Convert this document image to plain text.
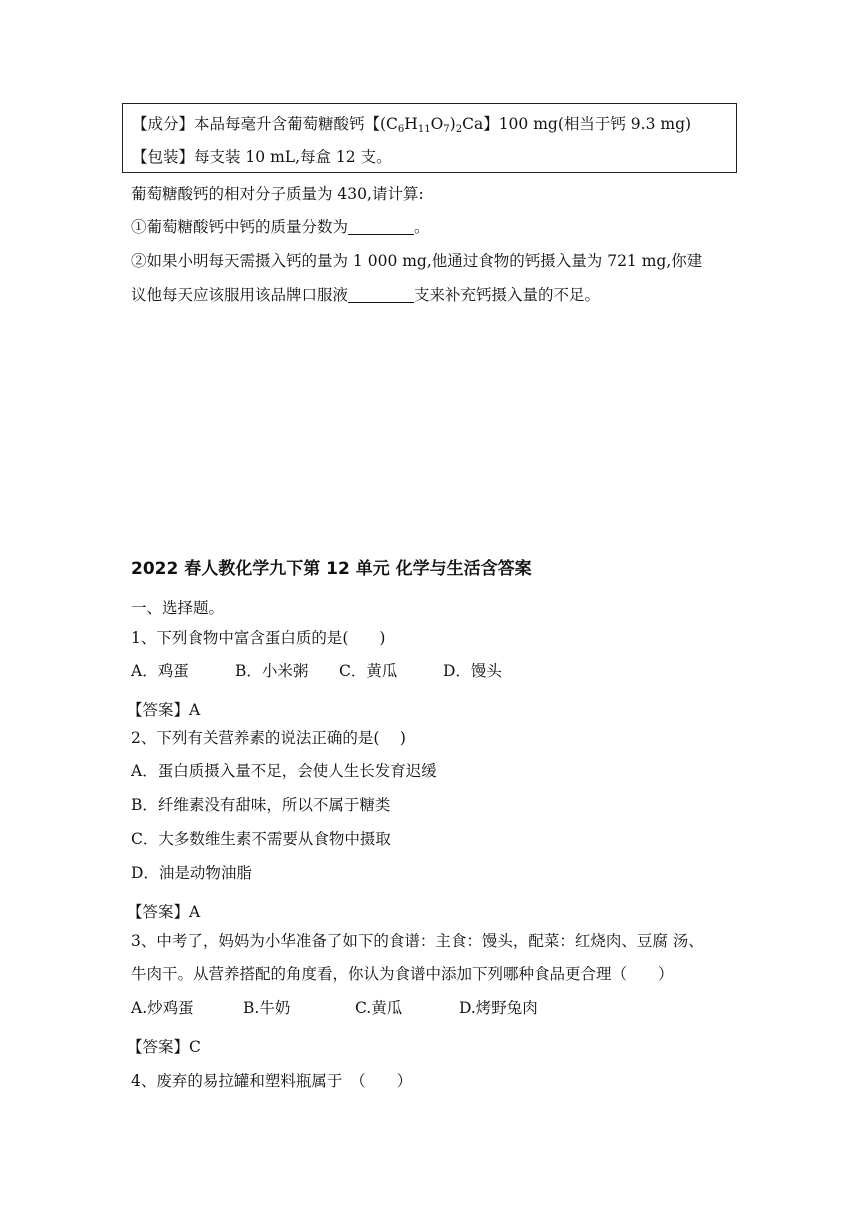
【成分】本品每毫升含葡萄糖酸钙【$(C_6H_{11}O_7)_2Ca$】100 mg(相当于钙 9.3 mg)
【包装】每支装 10 mL,每盒 12 支。
葡萄糖酸钙的相对分子质量为 430,请计算:
①葡萄糖酸钙中钙的质量分数为	。
②如果小明每天需摄入钙的量为 1 000 mg,他通过食物的钙摄入量为 721 mg,你建
议他每天应该服用该品牌口服液	支来补充钙摄入量的不足。
2022 春人教化学九下第 12 单元 化学与生活含答案
一、选择题。
1、下列食物中富含蛋白质的是(　　)
A．鸡蛋	B．小米粥 C．黄瓜	D．馒头
【答案】A
2、下列有关营养素的说法正确的是(　 )
A．蛋白质摄入量不足，会使人生长发育迟缓
B．纤维素没有甜味，所以不属于糖类
C．大多数维生素不需要从食物中摄取
D．油是动物油脂
【答案】A
3、中考了，妈妈为小华准备了如下的食谱：主食：馒头，配菜：红烧肉、豆腐 汤、
牛肉干。从营养搭配的角度看，你认为食谱中添加下列哪种食品更合理（　　）
A.炒鸡蛋	B.牛奶	C.黄瓜	D.烤野兔肉
【答案】C
4、废弃的易拉罐和塑料瓶属于　（　　）
